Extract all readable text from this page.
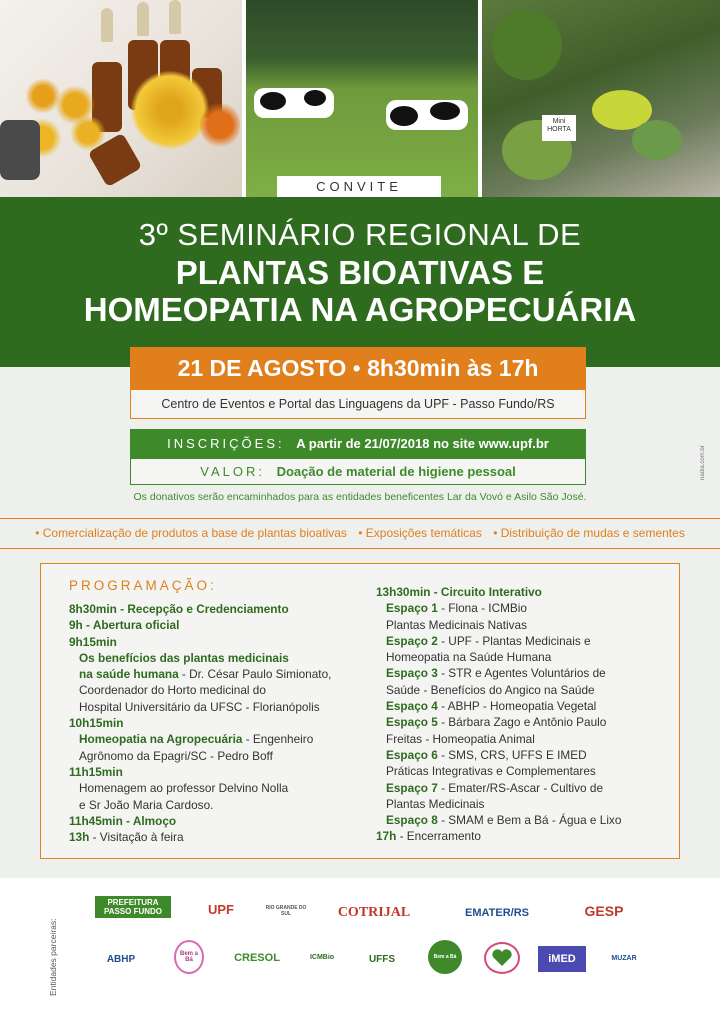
Mini HORTA
CONVITE
3º SEMINÁRIO REGIONAL DE
PLANTAS BIOATIVAS E
HOMEOPATIA NA AGROPECUÁRIA
21 DE AGOSTO • 8h30min às 17h
Centro de Eventos e Portal das Linguagens da UPF - Passo Fundo/RS
INSCRIÇÕES: A partir de 21/07/2018 no site www.upf.br
VALOR: Doação de material de higiene pessoal
Os donativos serão encaminhados para as entidades beneficentes Lar da Vovó e Asilo São José.
nadia.com.br
• Comercialização de produtos a base de plantas bioativas • Exposições temáticas • Distribuição de mudas e sementes
PROGRAMAÇÃO:
8h30min - Recepção e Credenciamento
9h - Abertura oficial
9h15min
Os benefícios das plantas medicinais
na saúde humana - Dr. César Paulo Simionato,
Coordenador do Horto medicinal do
Hospital Universitário da UFSC - Florianópolis
10h15min
Homeopatia na Agropecuária - Engenheiro
Agrônomo da Epagri/SC - Pedro Boff
11h15min
Homenagem ao professor Delvino Nolla
e Sr João Maria Cardoso.
11h45min - Almoço
13h - Visitação à feira
13h30min - Circuito Interativo
Espaço 1 - Flona - ICMBio
Plantas Medicinais Nativas
Espaço 2 - UPF - Plantas Medicinais e
Homeopatia na Saúde Humana
Espaço 3 - STR e Agentes Voluntários de
Saúde - Benefícios do Angico na Saúde
Espaço 4 - ABHP - Homeopatia Vegetal
Espaço 5 - Bárbara Zago e Antônio Paulo
Freitas - Homeopatia Animal
Espaço 6 - SMS, CRS, UFFS E IMED
Práticas Integrativas e Complementares
Espaço 7 - Emater/RS-Ascar - Cultivo de
Plantas Medicinais
Espaço 8 - SMAM e Bem a Bá - Água e Lixo
17h - Encerramento
Entidades parceiras:
PREFEITURA PASSO FUNDO	UPF	RIO GRANDE DO SUL	COTRIJAL	EMATER/RS	GESP
ABHP	Bem a Bá	CRESOL	ICMBio	UFFS	Bem a Bá	iMED	MUZAR
